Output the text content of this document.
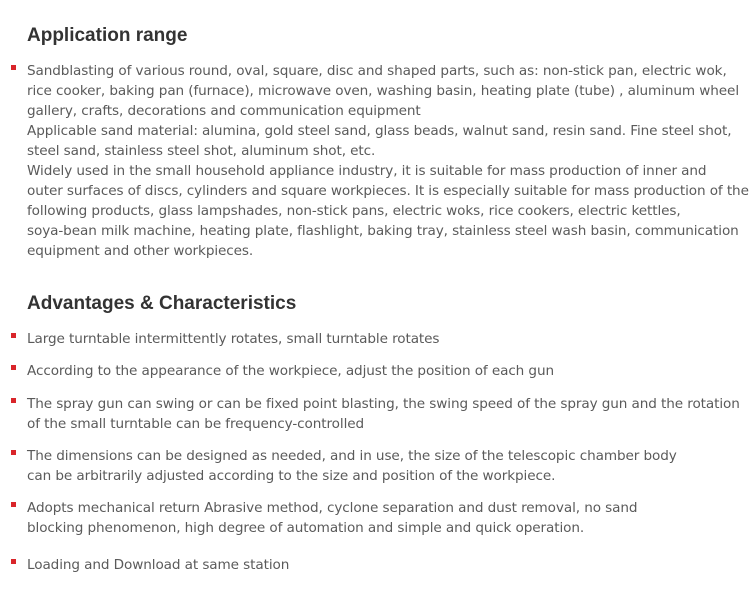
Application range
Sandblasting of various round, oval, square, disc and shaped parts, such as: non-stick pan, electric wok,
rice cooker, baking pan (furnace), microwave oven, washing basin, heating plate (tube) , aluminum wheel
gallery, crafts, decorations and communication equipment
Applicable sand material: alumina, gold steel sand, glass beads, walnut sand, resin sand. Fine steel shot,
steel sand, stainless steel shot, aluminum shot, etc.
Widely used in the small household appliance industry, it is suitable for mass production of inner and
outer surfaces of discs, cylinders and square workpieces. It is especially suitable for mass production of the
following products, glass lampshades, non-stick pans, electric woks, rice cookers, electric kettles,
soya-bean milk machine, heating plate, flashlight, baking tray, stainless steel wash basin, communication
equipment and other workpieces.
Advantages & Characteristics
Large turntable intermittently rotates, small turntable rotates
According to the appearance of the workpiece, adjust the position of each gun
The spray gun can swing or can be fixed point blasting, the swing speed of the spray gun and the rotation
of the small turntable can be frequency-controlled
The dimensions can be designed as needed, and in use, the size of the telescopic chamber body
can be arbitrarily adjusted according to the size and position of the workpiece.
Adopts mechanical return Abrasive method, cyclone separation and dust removal, no sand
blocking phenomenon, high degree of automation and simple and quick operation.
Loading and Download at same station
